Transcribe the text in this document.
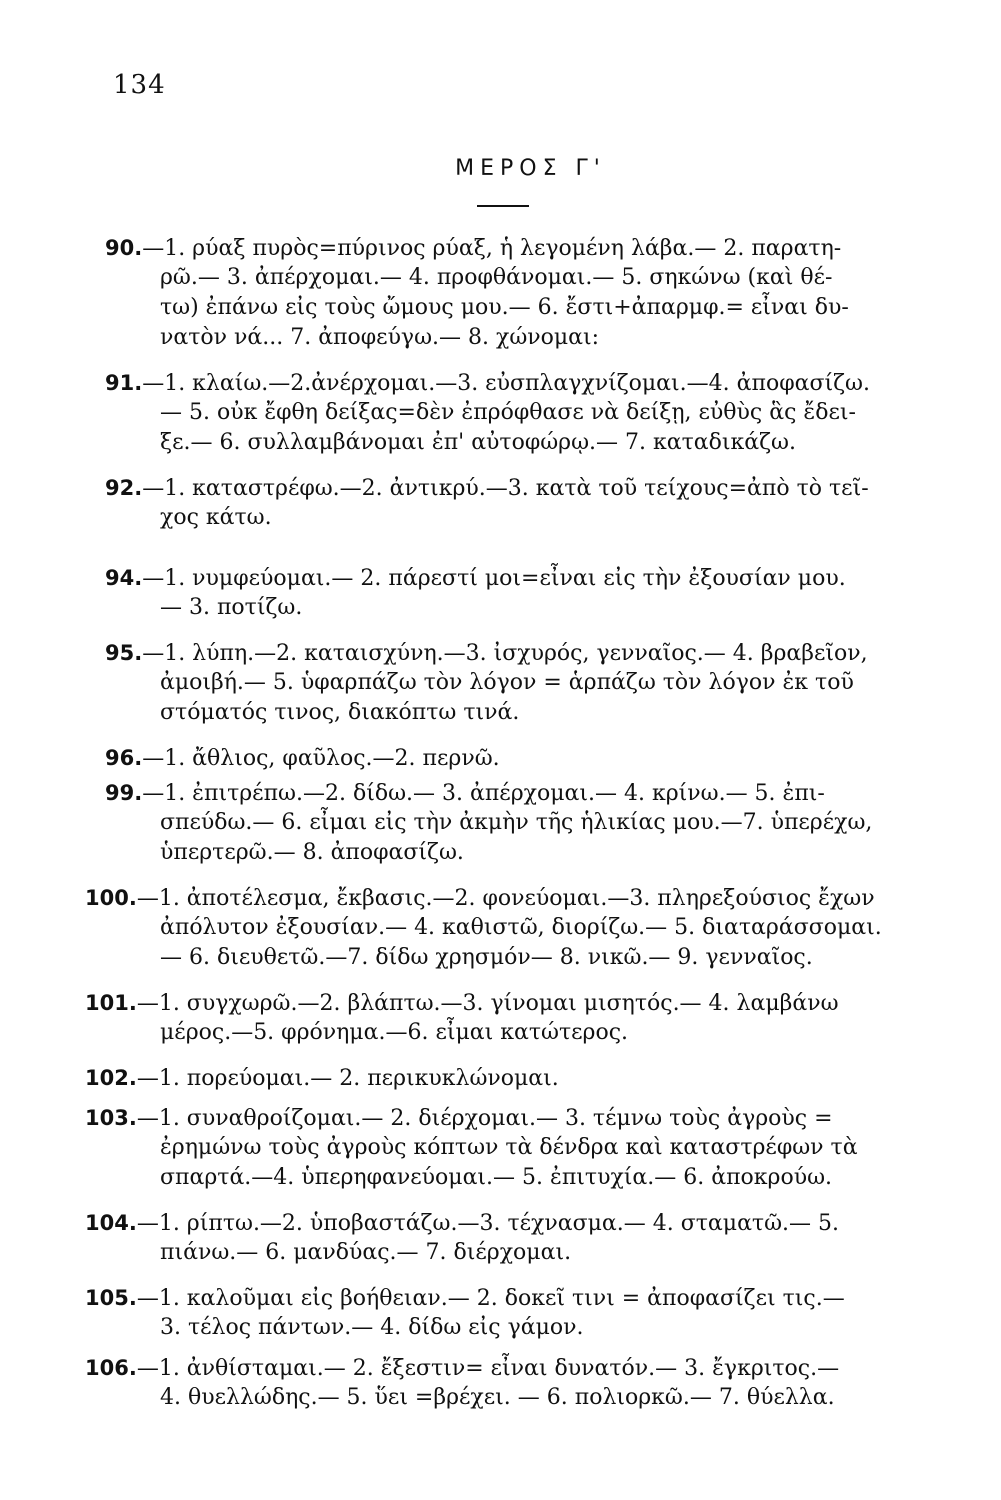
134
ΜΕΡΟΣ Γ'
90.—1. ρύαξ πυρὸς=πύρινος ρύαξ, ἡ λεγομένη λάβα.— 2. παρατη-
ρῶ.— 3. ἀπέρχομαι.— 4. προφθάνομαι.— 5. σηκώνω (καὶ θέ-
τω) ἐπάνω εἰς τοὺς ὤμους μου.— 6. ἔστι+ἀπαρμφ.= εἶναι δυ-
νατὸν νά... 7. ἀποφεύγω.— 8. χώνομαι:
91.—1. κλαίω.—2.ἀνέρχομαι.—3. εὐσπλαγχνίζομαι.—4. ἀποφασίζω.
— 5. οὐκ ἔφθη δείξας=δὲν ἐπρόφθασε νὰ δείξῃ, εὐθὺς ἃς ἔδει-
ξε.— 6. συλλαμβάνομαι ἐπ' αὐτοφώρῳ.— 7. καταδικάζω.
92.—1. καταστρέφω.—2. ἀντικρύ.—3. κατὰ τοῦ τείχους=ἀπὸ τὸ τεῖ-
χος κάτω.
94.—1. νυμφεύομαι.— 2. πάρεστί μοι=εἶναι εἰς τὴν ἐξουσίαν μου.
— 3. ποτίζω.
95.—1. λύπη.—2. καταισχύνη.—3. ἰσχυρός, γενναῖος.— 4. βραβεῖον,
ἀμοιβή.— 5. ὑφαρπάζω τὸν λόγον = ἁρπάζω τὸν λόγον ἐκ τοῦ
στόματός τινος, διακόπτω τινά.
96.—1. ἄθλιος, φαῦλος.—2. περνῶ.
99.—1. ἐπιτρέπω.—2. δίδω.— 3. ἀπέρχομαι.— 4. κρίνω.— 5. ἐπι-
σπεύδω.— 6. εἶμαι εἰς τὴν ἀκμὴν τῆς ἡλικίας μου.—7. ὑπερέχω,
ὑπερτερῶ.— 8. ἀποφασίζω.
100.—1. ἀποτέλεσμα, ἔκβασις.—2. φονεύομαι.—3. πληρεξούσιος ἔχων
ἀπόλυτον ἐξουσίαν.— 4. καθιστῶ, διορίζω.— 5. διαταράσσομαι.
— 6. διευθετῶ.—7. δίδω χρησμόν— 8. νικῶ.— 9. γενναῖος.
101.—1. συγχωρῶ.—2. βλάπτω.—3. γίνομαι μισητός.— 4. λαμβάνω
μέρος.—5. φρόνημα.—6. εἶμαι κατώτερος.
102.—1. πορεύομαι.— 2. περικυκλώνομαι.
103.—1. συναθροίζομαι.— 2. διέρχομαι.— 3. τέμνω τοὺς ἀγροὺς =
ἐρημώνω τοὺς ἀγροὺς κόπτων τὰ δένδρα καὶ καταστρέφων τὰ
σπαρτά.—4. ὑπερηφανεύομαι.— 5. ἐπιτυχία.— 6. ἀποκρούω.
104.—1. ρίπτω.—2. ὑποβαστάζω.—3. τέχνασμα.— 4. σταματῶ.— 5.
πιάνω.— 6. μανδύας.— 7. διέρχομαι.
105.—1. καλοῦμαι εἰς βοήθειαν.— 2. δοκεῖ τινι = ἀποφασίζει τις.—
3. τέλος πάντων.— 4. δίδω εἰς γάμον.
106.—1. ἀνθίσταμαι.— 2. ἔξεστιν= εἶναι δυνατόν.— 3. ἔγκριτος.—
4. θυελλώδης.— 5. ὕει =βρέχει. — 6. πολιορκῶ.— 7. θύελλα.
